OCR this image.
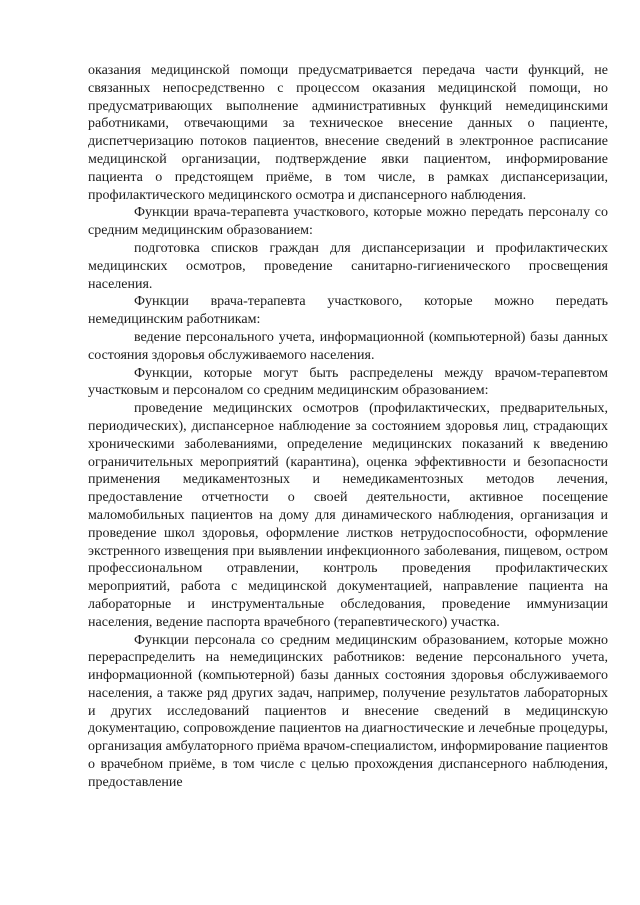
оказания медицинской помощи предусматривается передача части функций, не связанных непосредственно с процессом оказания медицинской помощи, но предусматривающих выполнение административных функций немедицинскими работниками, отвечающими за техническое внесение данных о пациенте, диспетчеризацию потоков пациентов, внесение сведений в электронное расписание медицинской организации, подтверждение явки пациентом, информирование пациента о предстоящем приёме, в том числе, в рамках диспансеризации, профилактического медицинского осмотра и диспансерного наблюдения.

Функции врача-терапевта участкового, которые можно передать персоналу со средним медицинским образованием:

подготовка списков граждан для диспансеризации и профилактических медицинских осмотров, проведение санитарно-гигиенического просвещения населения.

Функции врача-терапевта участкового, которые можно передать немедицинским работникам:

ведение персонального учета, информационной (компьютерной) базы данных состояния здоровья обслуживаемого населения.

Функции, которые могут быть распределены между врачом-терапевтом участковым и персоналом со средним медицинским образованием:

проведение медицинских осмотров (профилактических, предварительных, периодических), диспансерное наблюдение за состоянием здоровья лиц, страдающих хроническими заболеваниями, определение медицинских показаний к введению ограничительных мероприятий (карантина), оценка эффективности и безопасности применения медикаментозных и немедикаментозных методов лечения, предоставление отчетности о своей деятельности, активное посещение маломобильных пациентов на дому для динамического наблюдения, организация и проведение школ здоровья, оформление листков нетрудоспособности, оформление экстренного извещения при выявлении инфекционного заболевания, пищевом, остром профессиональном отравлении, контроль проведения профилактических мероприятий, работа с медицинской документацией, направление пациента на лабораторные и инструментальные обследования, проведение иммунизации населения, ведение паспорта врачебного (терапевтического) участка.

Функции персонала со средним медицинским образованием, которые можно перераспределить на немедицинских работников: ведение персонального учета, информационной (компьютерной) базы данных состояния здоровья обслуживаемого населения, а также ряд других задач, например, получение результатов лабораторных и других исследований пациентов и внесение сведений в медицинскую документацию, сопровождение пациентов на диагностические и лечебные процедуры, организация амбулаторного приёма врачом-специалистом, информирование пациентов о врачебном приёме, в том числе с целью прохождения диспансерного наблюдения, предоставление
